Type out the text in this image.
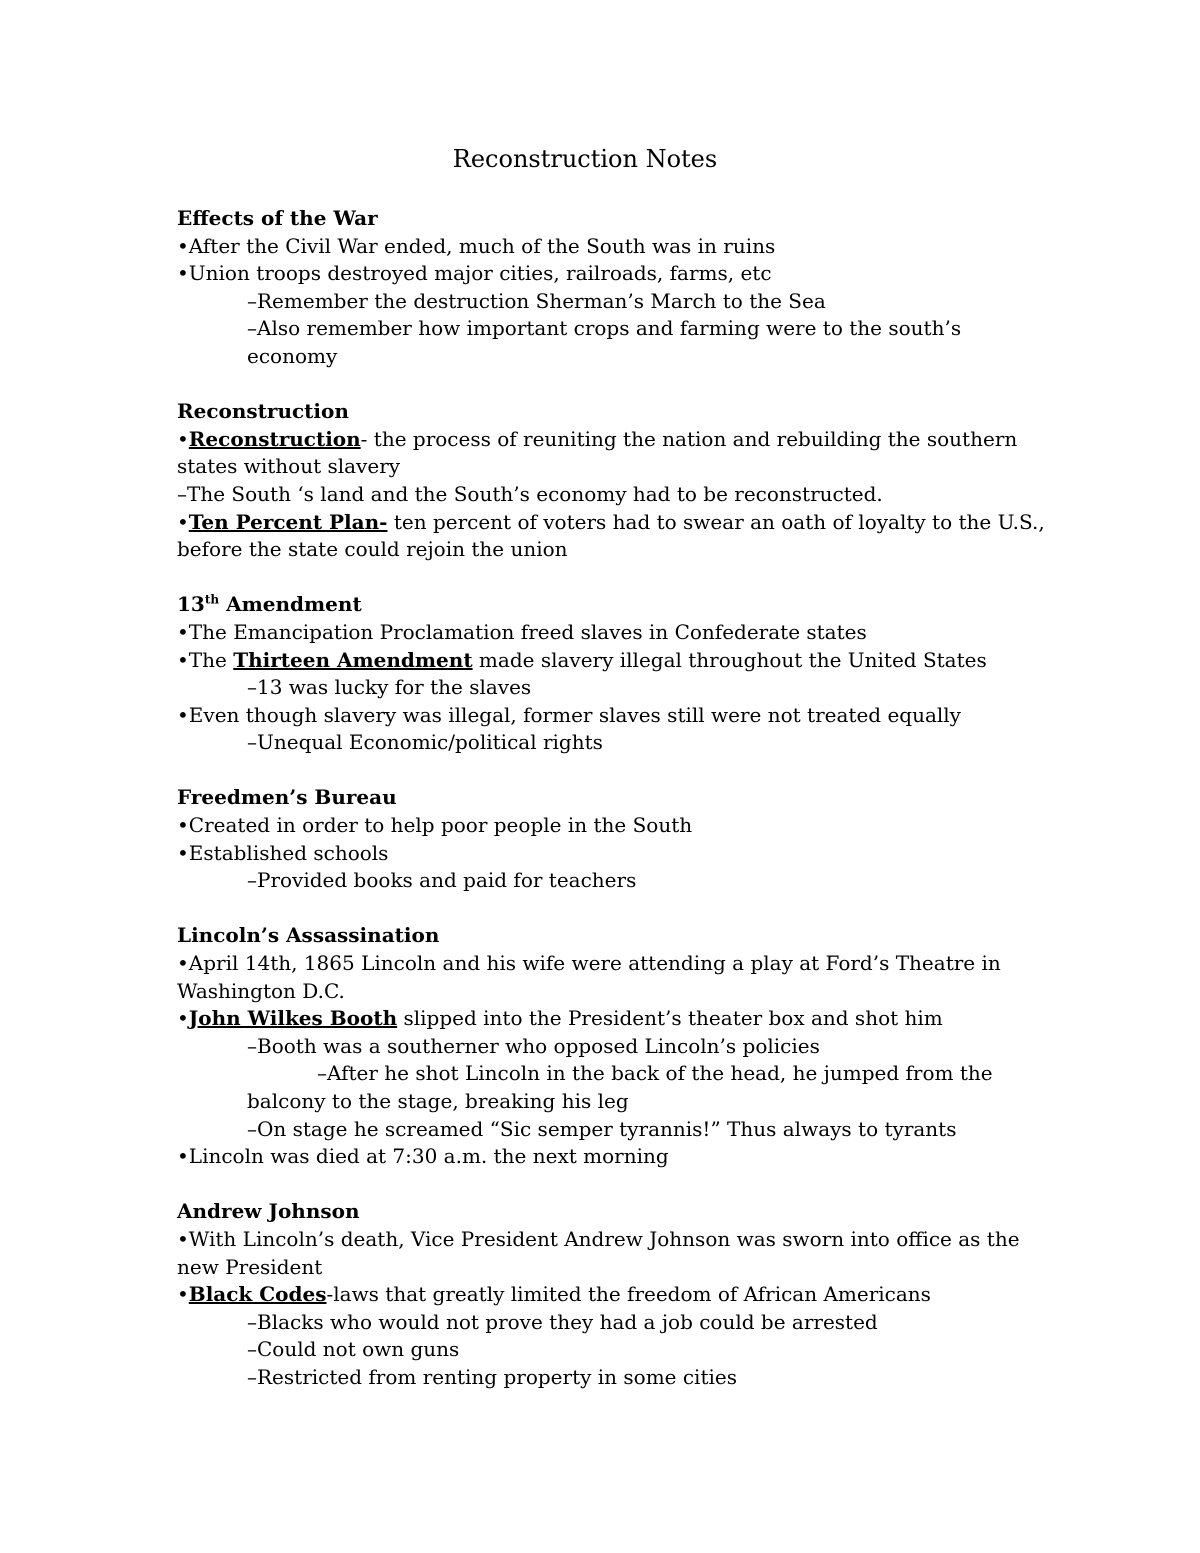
Reconstruction Notes
Effects of the War
•After the Civil War ended, much of the South was in ruins
•Union troops destroyed major cities, railroads, farms, etc
–Remember the destruction Sherman’s March to the Sea
–Also remember how important crops and farming were to the south’s
economy
Reconstruction
•Reconstruction- the process of reuniting the nation and rebuilding the southern
states without slavery
–The South ‘s land and the South’s economy had to be reconstructed.
•Ten Percent Plan- ten percent of voters had to swear an oath of loyalty to the U.S.,
before the state could rejoin the union
13th Amendment
•The Emancipation Proclamation freed slaves in Confederate states
•The Thirteen Amendment made slavery illegal throughout the United States
–13 was lucky for the slaves
•Even though slavery was illegal, former slaves still were not treated equally
–Unequal Economic/political rights
Freedmen’s Bureau
•Created in order to help poor people in the South
•Established schools
–Provided books and paid for teachers
Lincoln’s Assassination
•April 14th, 1865 Lincoln and his wife were attending a play at Ford’s Theatre in
Washington D.C.
•John Wilkes Booth slipped into the President’s theater box and shot him
–Booth was a southerner who opposed Lincoln’s policies
–After he shot Lincoln in the back of the head, he jumped from the
balcony to the stage, breaking his leg
–On stage he screamed “Sic semper tyrannis!” Thus always to tyrants
•Lincoln was died at 7:30 a.m. the next morning
Andrew Johnson
•With Lincoln’s death, Vice President Andrew Johnson was sworn into office as the
new President
•Black Codes-laws that greatly limited the freedom of African Americans
–Blacks who would not prove they had a job could be arrested
–Could not own guns
–Restricted from renting property in some cities
